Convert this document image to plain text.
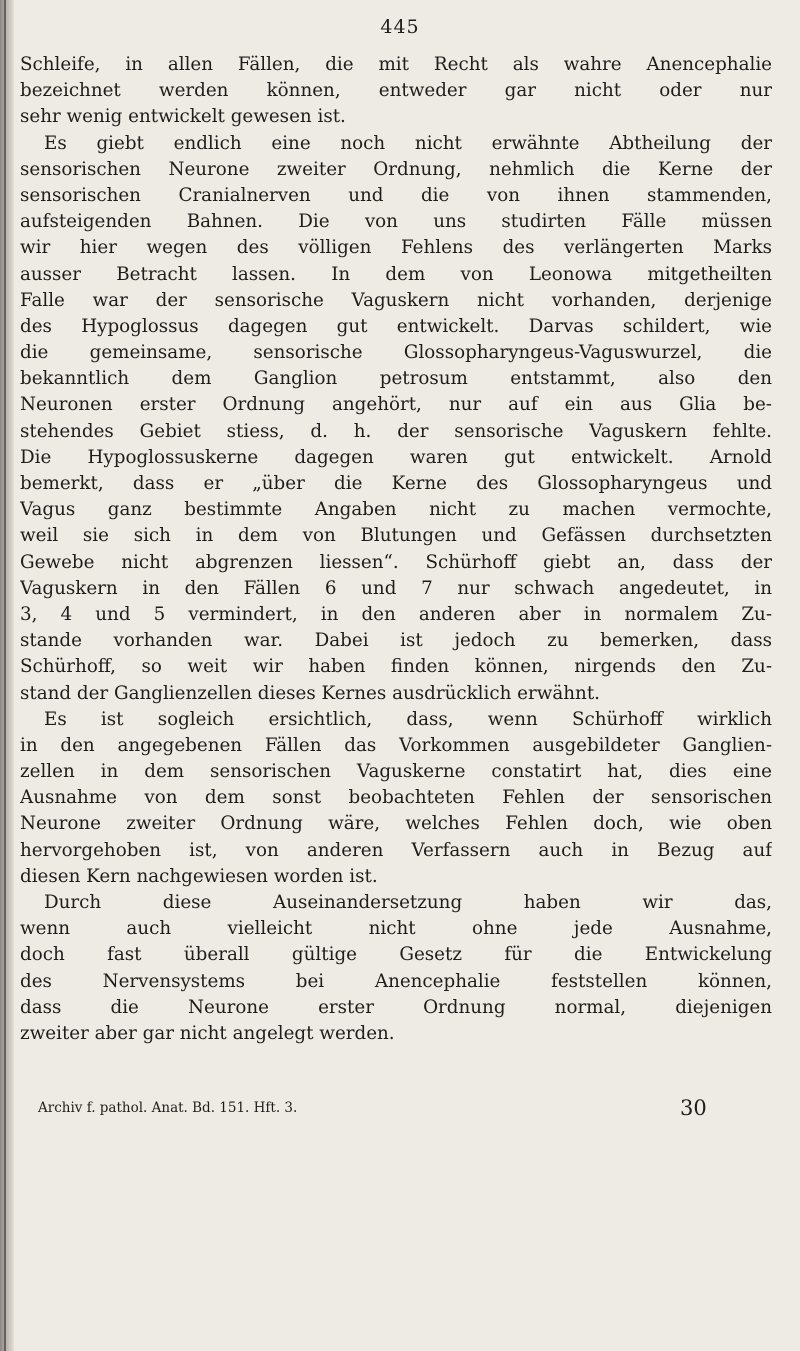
445
Schleife, in allen Fällen, die mit Recht als wahre Anencephalie
bezeichnet werden können, entweder gar nicht oder nur
sehr wenig entwickelt gewesen ist.
Es giebt endlich eine noch nicht erwähnte Abtheilung der
sensorischen Neurone zweiter Ordnung, nehmlich die Kerne der
sensorischen Cranialnerven und die von ihnen stammenden,
aufsteigenden Bahnen. Die von uns studirten Fälle müssen
wir hier wegen des völligen Fehlens des verlängerten Marks
ausser Betracht lassen. In dem von Leonowa mitgetheilten
Falle war der sensorische Vaguskern nicht vorhanden, derjenige
des Hypoglossus dagegen gut entwickelt. Darvas schildert, wie
die gemeinsame, sensorische Glossopharyngeus-Vaguswurzel, die
bekanntlich dem Ganglion petrosum entstammt, also den
Neuronen erster Ordnung angehört, nur auf ein aus Glia be-
stehendes Gebiet stiess, d. h. der sensorische Vaguskern fehlte.
Die Hypoglossuskerne dagegen waren gut entwickelt. Arnold
bemerkt, dass er „über die Kerne des Glossopharyngeus und
Vagus ganz bestimmte Angaben nicht zu machen vermochte,
weil sie sich in dem von Blutungen und Gefässen durchsetzten
Gewebe nicht abgrenzen liessen“. Schürhoff giebt an, dass der
Vaguskern in den Fällen 6 und 7 nur schwach angedeutet, in
3, 4 und 5 vermindert, in den anderen aber in normalem Zu-
stande vorhanden war. Dabei ist jedoch zu bemerken, dass
Schürhoff, so weit wir haben finden können, nirgends den Zu-
stand der Ganglienzellen dieses Kernes ausdrücklich erwähnt.
Es ist sogleich ersichtlich, dass, wenn Schürhoff wirklich
in den angegebenen Fällen das Vorkommen ausgebildeter Ganglien-
zellen in dem sensorischen Vaguskerne constatirt hat, dies eine
Ausnahme von dem sonst beobachteten Fehlen der sensorischen
Neurone zweiter Ordnung wäre, welches Fehlen doch, wie oben
hervorgehoben ist, von anderen Verfassern auch in Bezug auf
diesen Kern nachgewiesen worden ist.
Durch diese Auseinandersetzung haben wir das,
wenn auch vielleicht nicht ohne jede Ausnahme,
doch fast überall gültige Gesetz für die Entwickelung
des Nervensystems bei Anencephalie feststellen können,
dass die Neurone erster Ordnung normal, diejenigen
zweiter aber gar nicht angelegt werden.
Archiv f. pathol. Anat. Bd. 151. Hft. 3.	30
